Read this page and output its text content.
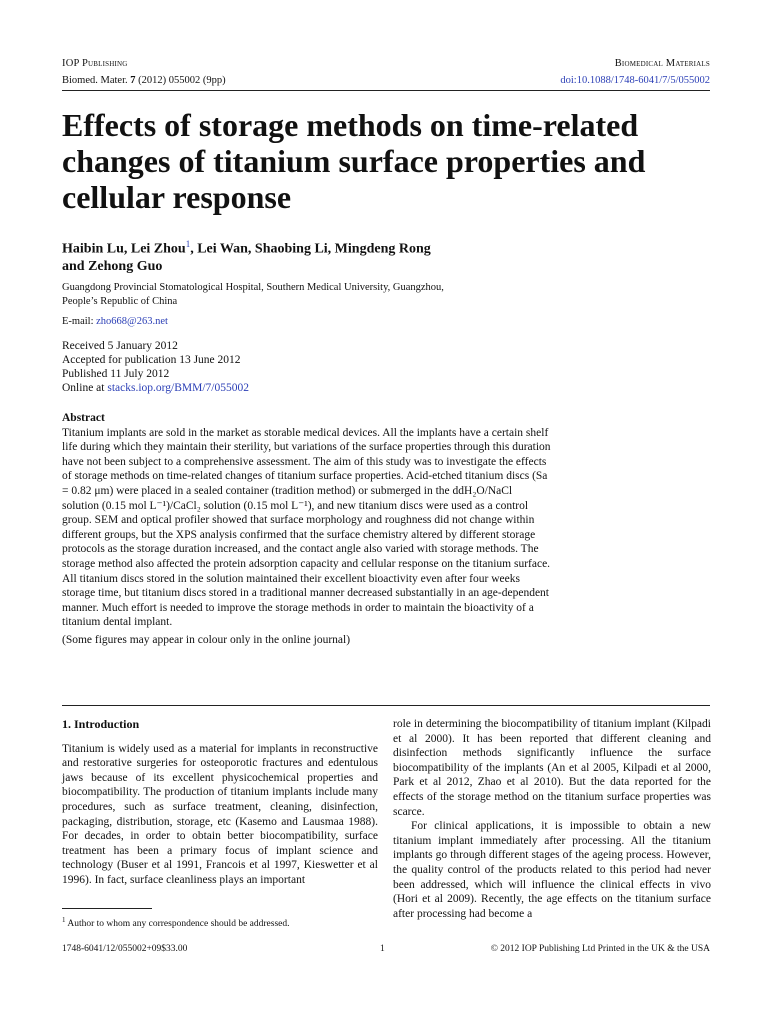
IOP Publishing	Biomedical Materials
Biomed. Mater. 7 (2012) 055002 (9pp)	doi:10.1088/1748-6041/7/5/055002
Effects of storage methods on time-related changes of titanium surface properties and cellular response
Haibin Lu, Lei Zhou$^1$, Lei Wan, Shaobing Li, Mingdeng Rong
and Zehong Guo
Guangdong Provincial Stomatological Hospital, Southern Medical University, Guangzhou,
People’s Republic of China
E-mail: zho668@263.net
Received 5 January 2012
Accepted for publication 13 June 2012
Published 11 July 2012
Online at stacks.iop.org/BMM/7/055002
Abstract

Titanium implants are sold in the market as storable medical devices. All the implants have a certain shelf life during which they maintain their sterility, but variations of the surface properties through this duration have not been subject to a comprehensive assessment. The aim of this study was to investigate the effects of storage methods on time-related changes of titanium surface properties. Acid-etched titanium discs (Sa = 0.82 μm) were placed in a sealed container (tradition method) or submerged in the ddH₂O/NaCl solution (0.15 mol L⁻¹)/CaCl₂ solution (0.15 mol L⁻¹), and new titanium discs were used as a control group. SEM and optical profiler showed that surface morphology and roughness did not change within different groups, but the XPS analysis confirmed that the surface chemistry altered by different storage protocols as the storage duration increased, and the contact angle also varied with storage methods. The storage method also affected the protein adsorption capacity and cellular response on the titanium surface. All titanium discs stored in the solution maintained their excellent bioactivity even after four weeks storage time, but titanium discs stored in a traditional manner decreased substantially in an age-dependent manner. Much effort is needed to improve the storage methods in order to maintain the bioactivity of a titanium dental implant.

(Some figures may appear in colour only in the online journal)

1. Introduction

Titanium is widely used as a material for implants in reconstructive and restorative surgeries for osteoporotic fractures and edentulous jaws because of its excellent physicochemical properties and biocompatibility. The production of titanium implants include many procedures, such as surface treatment, cleaning, disinfection, packaging, distribution, storage, etc (Kasemo and Lausmaa 1988). For decades, in order to obtain better biocompatibility, surface treatment has been a primary focus of implant science and technology (Buser et al 1991, Francois et al 1997, Kieswetter et al 1996). In fact, surface cleanliness plays an important

role in determining the biocompatibility of titanium implant (Kilpadi et al 2000). It has been reported that different cleaning and disinfection methods significantly influence the surface biocompatibility of the implants (An et al 2005, Kilpadi et al 2000, Park et al 2012, Zhao et al 2010). But the data reported for the effects of the storage method on the titanium surface properties was scarce.

For clinical applications, it is impossible to obtain a new titanium implant immediately after processing. All the titanium implants go through different stages of the ageing process. However, the quality control of the products related to this period had never been addressed, which will influence the clinical effects in vivo (Hori et al 2009). Recently, the age effects on the titanium surface after processing had become a

$^1$ Author to whom any correspondence should be addressed.
1748-6041/12/055002+09$33.00	1	© 2012 IOP Publishing Ltd Printed in the UK & the USA
